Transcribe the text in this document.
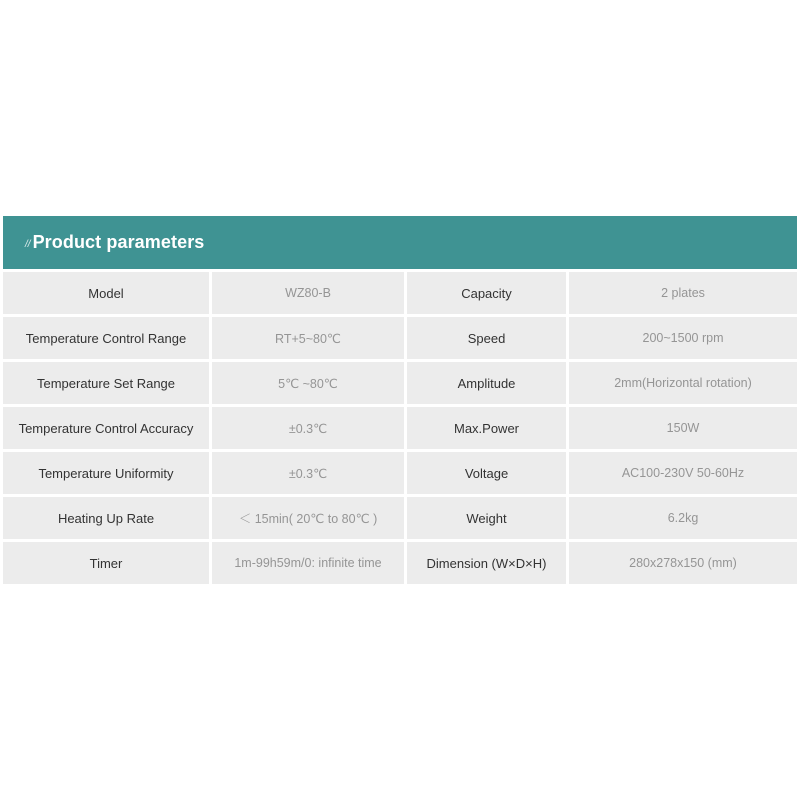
// Product parameters
Model	WZ80-B	Capacity	2 plates
Temperature Control Range	RT+5~80℃	Speed	200~1500 rpm
Temperature Set Range	5℃ ~80℃	Amplitude	2mm(Horizontal rotation)
Temperature Control Accuracy	±0.3℃	Max.Power	150W
Temperature Uniformity	±0.3℃	Voltage	AC100-230V 50-60Hz
Heating Up Rate	＜ 15min( 20℃ to 80℃ )	Weight	6.2kg
Timer	1m-99h59m/0: infinite time	Dimension (W×D×H)	280x278x150 (mm)
